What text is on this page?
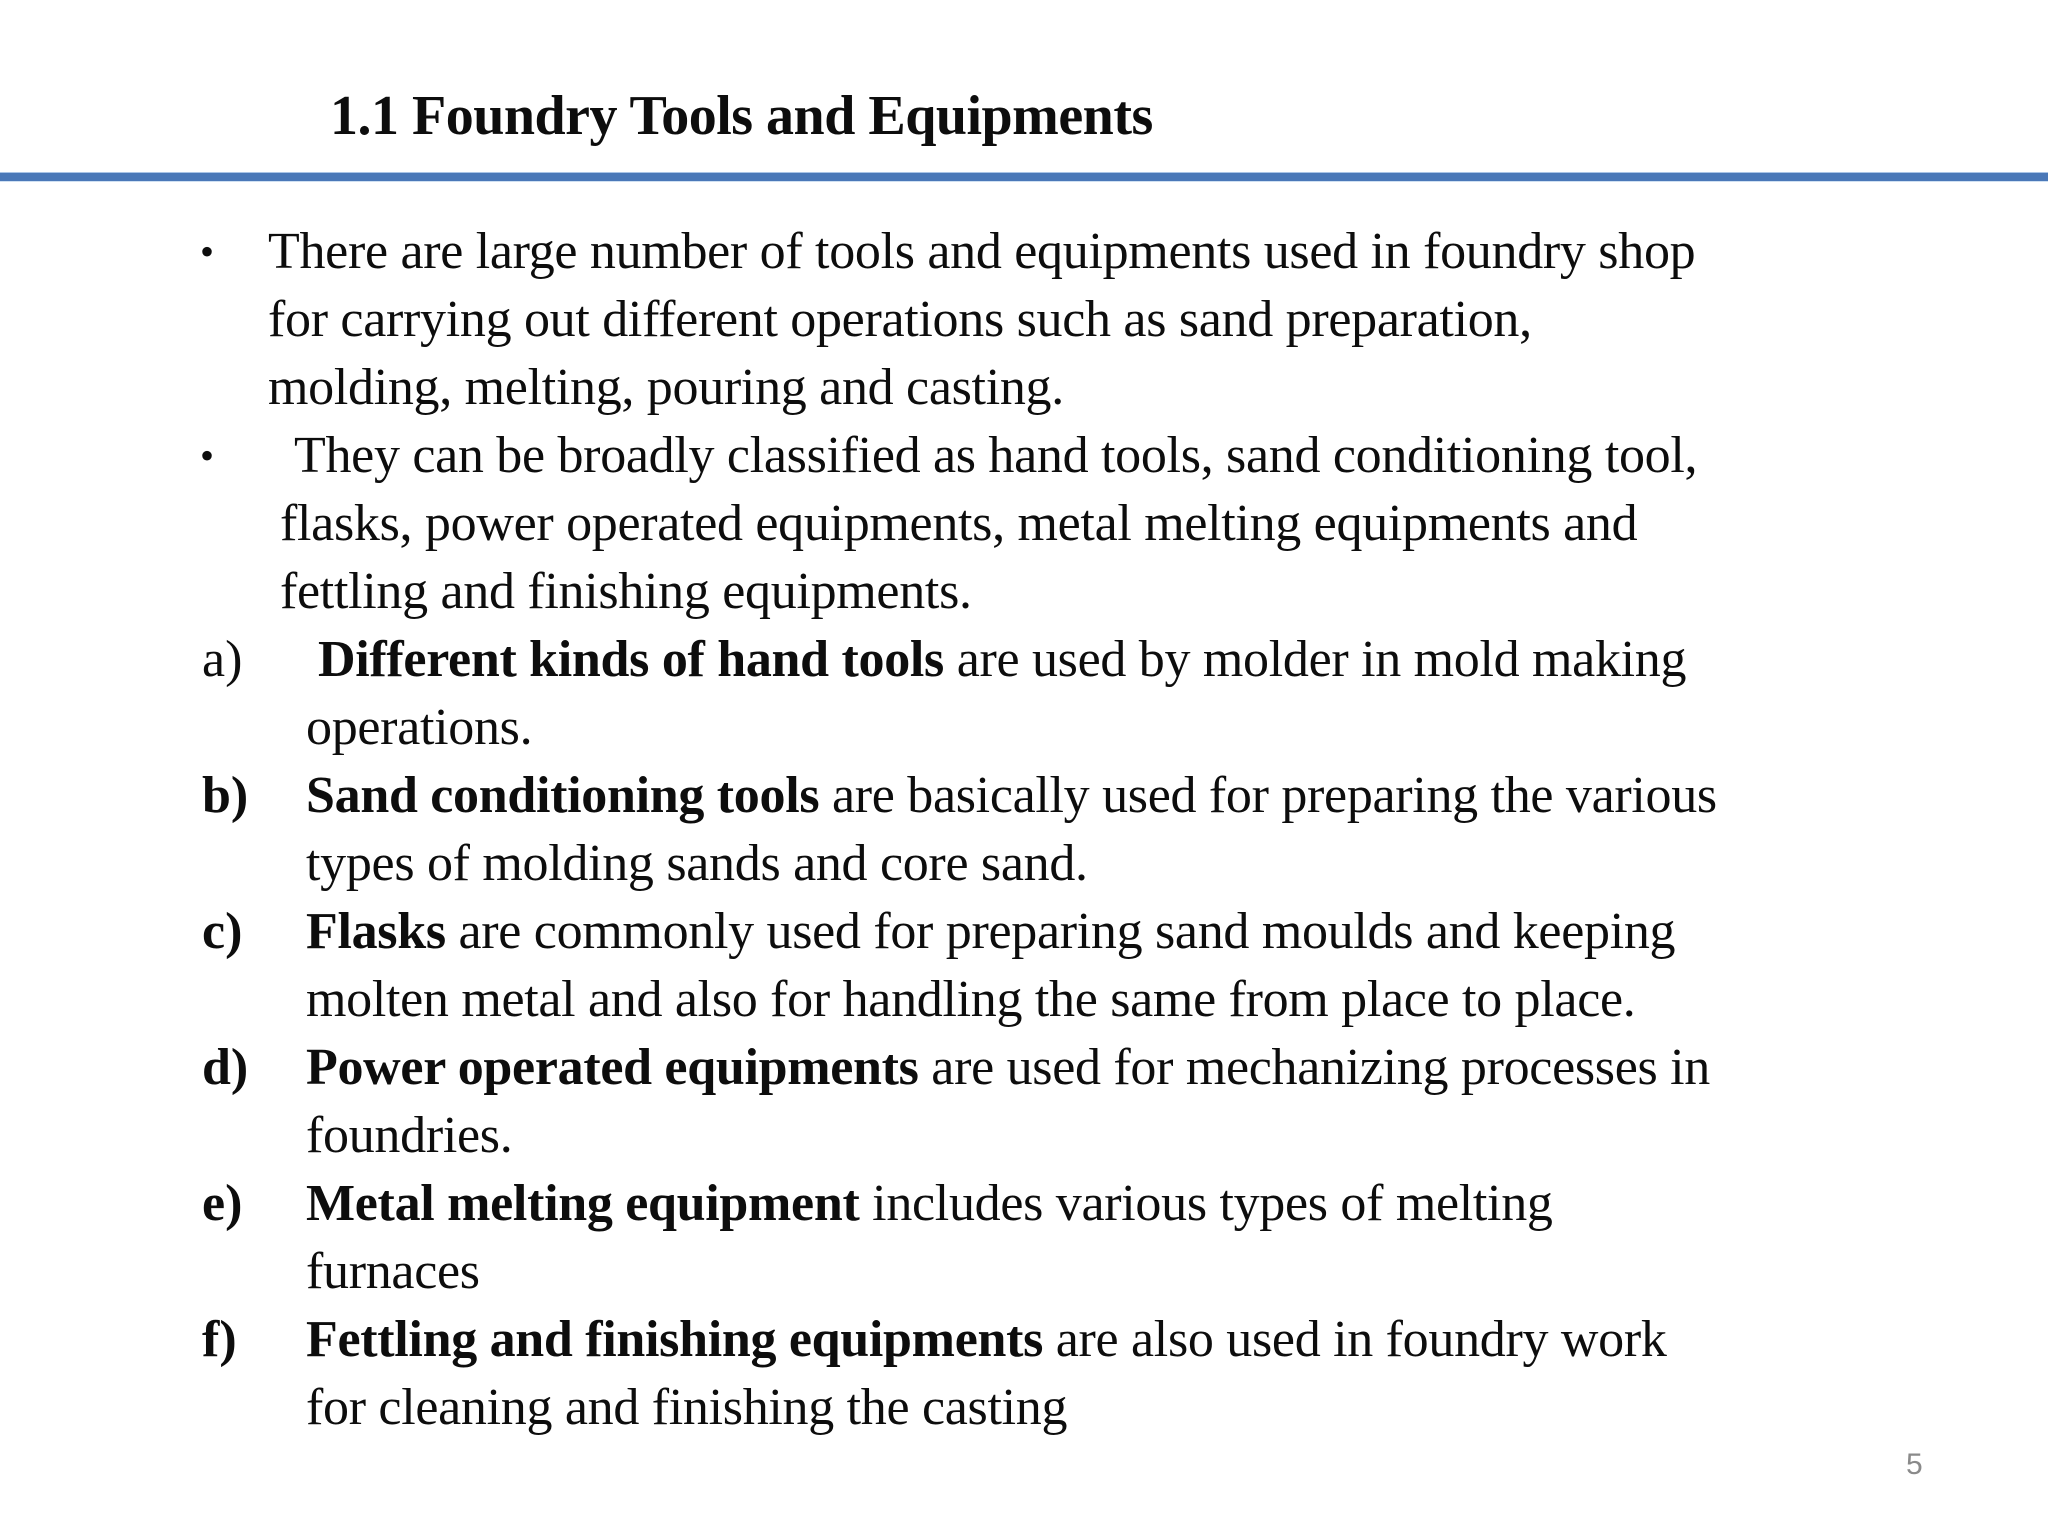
1.1 Foundry Tools and Equipments
• There are large number of tools and equipments used in foundry shop
for carrying out different operations such as sand preparation,
molding, melting, pouring and casting.
• They can be broadly classified as hand tools, sand conditioning tool,
flasks, power operated equipments, metal melting equipments and
fettling and finishing equipments.
a) Different kinds of hand tools are used by molder in mold making
operations.
b) Sand conditioning tools are basically used for preparing the various
types of molding sands and core sand.
c) Flasks are commonly used for preparing sand moulds and keeping
molten metal and also for handling the same from place to place.
d) Power operated equipments are used for mechanizing processes in
foundries.
e) Metal melting equipment includes various types of melting
furnaces
f) Fettling and finishing equipments are also used in foundry work
for cleaning and finishing the casting
5
